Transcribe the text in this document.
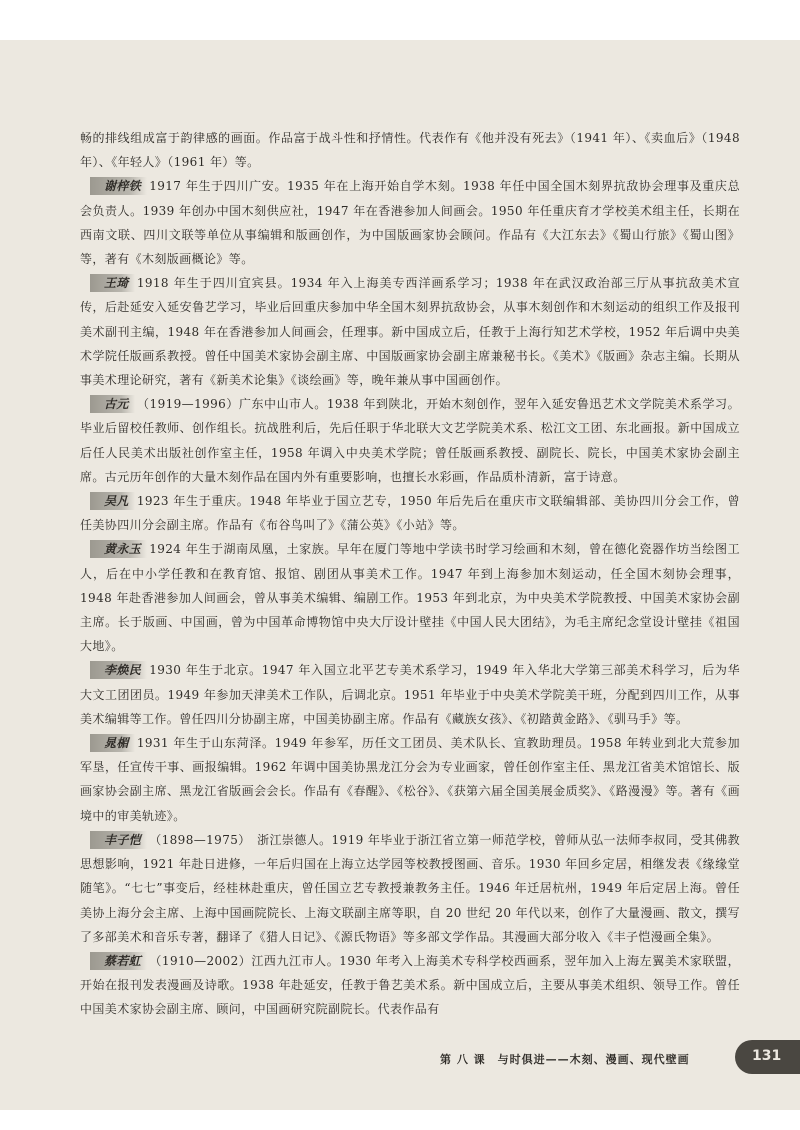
畅的排线组成富于韵律感的画面。作品富于战斗性和抒情性。代表作有《他并没有死去》（1941 年）、《卖血后》（1948 年）、《年轻人》（1961 年）等。

谢梓铁 1917 年生于四川广安。1935 年在上海开始自学木刻。1938 年任中国全国木刻界抗敌协会理事及重庆总会负责人。1939 年创办中国木刻供应社，1947 年在香港参加人间画会。1950 年任重庆育才学校美术组主任，长期在西南文联、四川文联等单位从事编辑和版画创作，为中国版画家协会顾问。作品有《大江东去》《蜀山行旅》《蜀山图》等，著有《木刻版画概论》等。

王琦 1918 年生于四川宜宾县。1934 年入上海美专西洋画系学习；1938 年在武汉政治部三厅从事抗敌美术宣传，后赴延安入延安鲁艺学习，毕业后回重庆参加中华全国木刻界抗敌协会，从事木刻创作和木刻运动的组织工作及报刊美术副刊主编，1948 年在香港参加人间画会，任理事。新中国成立后，任教于上海行知艺术学校，1952 年后调中央美术学院任版画系教授。曾任中国美术家协会副主席、中国版画家协会副主席兼秘书长。《美术》《版画》杂志主编。长期从事美术理论研究，著有《新美术论集》《谈绘画》等，晚年兼从事中国画创作。

古元 （1919—1996）广东中山市人。1938 年到陕北，开始木刻创作，翌年入延安鲁迅艺术文学院美术系学习。毕业后留校任教师、创作组长。抗战胜利后，先后任职于华北联大文艺学院美术系、松江文工团、东北画报。新中国成立后任人民美术出版社创作室主任，1958 年调入中央美术学院；曾任版画系教授、副院长、院长，中国美术家协会副主席。古元历年创作的大量木刻作品在国内外有重要影响，也擅长水彩画，作品质朴清新，富于诗意。

吴凡 1923 年生于重庆。1948 年毕业于国立艺专，1950 年后先后在重庆市文联编辑部、美协四川分会工作，曾任美协四川分会副主席。作品有《布谷鸟叫了》《蒲公英》《小站》等。

黄永玉 1924 年生于湖南凤凰，土家族。早年在厦门等地中学读书时学习绘画和木刻，曾在德化瓷器作坊当绘图工人，后在中小学任教和在教育馆、报馆、剧团从事美术工作。1947 年到上海参加木刻运动，任全国木刻协会理事，1948 年赴香港参加人间画会，曾从事美术编辑、编剧工作。1953 年到北京，为中央美术学院教授、中国美术家协会副主席。长于版画、中国画，曾为中国革命博物馆中央大厅设计壁挂《中国人民大团结》，为毛主席纪念堂设计壁挂《祖国大地》。

李焕民 1930 年生于北京。1947 年入国立北平艺专美术系学习，1949 年入华北大学第三部美术科学习，后为华大文工团团员。1949 年参加天津美术工作队，后调北京。1951 年毕业于中央美术学院美干班，分配到四川工作，从事美术编辑等工作。曾任四川分协副主席，中国美协副主席。作品有《藏族女孩》、《初踏黄金路》、《驯马手》等。

晁楣 1931 年生于山东菏泽。1949 年参军，历任文工团员、美术队长、宣教助理员。1958 年转业到北大荒参加军垦，任宣传干事、画报编辑。1962 年调中国美协黑龙江分会为专业画家，曾任创作室主任、黑龙江省美术馆馆长、版画家协会副主席、黑龙江省版画会会长。作品有《春醒》、《松谷》、《获第六届全国美展金质奖》、《路漫漫》等。著有《画境中的审美轨迹》。

丰子恺 （1898—1975）　浙江崇德人。1919 年毕业于浙江省立第一师范学校，曾师从弘一法师李叔同，受其佛教思想影响，1921 年赴日进修，一年后归国在上海立达学园等校教授图画、音乐。1930 年回乡定居，相继发表《缘缘堂随笔》。“七七”事变后，经桂林赴重庆，曾任国立艺专教授兼教务主任。1946 年迁居杭州，1949 年后定居上海。曾任美协上海分会主席、上海中国画院院长、上海文联副主席等职，自 20 世纪 20 年代以来，创作了大量漫画、散文，撰写了多部美术和音乐专著，翻译了《猎人日记》、《源氏物语》等多部文学作品。其漫画大部分收入《丰子恺漫画全集》。

蔡若虹 （1910—2002）江西九江市人。1930 年考入上海美术专科学校西画系，翌年加入上海左翼美术家联盟，开始在报刊发表漫画及诗歌。1938 年赴延安，任教于鲁艺美术系。新中国成立后，主要从事美术组织、领导工作。曾任中国美术家协会副主席、顾问，中国画研究院副院长。代表作品有

第 八 课　与时俱进——木刻、漫画、现代壁画	131
